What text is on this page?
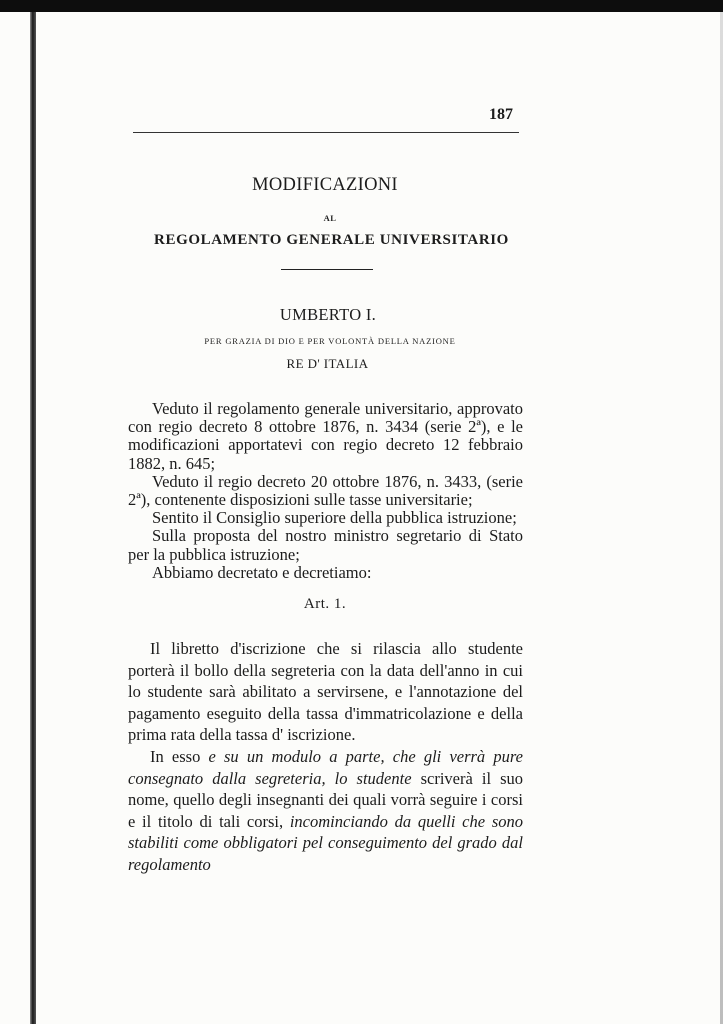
187
MODIFICAZIONI
AL
REGOLAMENTO GENERALE UNIVERSITARIO
UMBERTO I.
PER GRAZIA DI DIO E PER VOLONTÀ DELLA NAZIONE
RE D' ITALIA

Veduto il regolamento generale universitario, approvato con regio decreto 8 ottobre 1876, n. 3434 (serie 2ª), e le modificazioni apportatevi con regio decreto 12 febbraio 1882, n. 645;

Veduto il regio decreto 20 ottobre 1876, n. 3433, (serie 2ª), contenente disposizioni sulle tasse universitarie;

Sentito il Consiglio superiore della pubblica istruzione;

Sulla proposta del nostro ministro segretario di Stato per la pubblica istruzione;

Abbiamo decretato e decretiamo:

Art. 1.

Il libretto d'iscrizione che si rilascia allo studente porterà il bollo della segreteria con la data dell'anno in cui lo studente sarà abilitato a servirsene, e l'annotazione del pagamento eseguito della tassa d'immatricolazione e della prima rata della tassa d' iscrizione.

In esso e su un modulo a parte, che gli verrà pure consegnato dalla segreteria, lo studente scriverà il suo nome, quello degli insegnanti dei quali vorrà seguire i corsi e il titolo di tali corsi, incominciando da quelli che sono stabiliti come obbligatori pel conseguimento del grado dal regolamento
